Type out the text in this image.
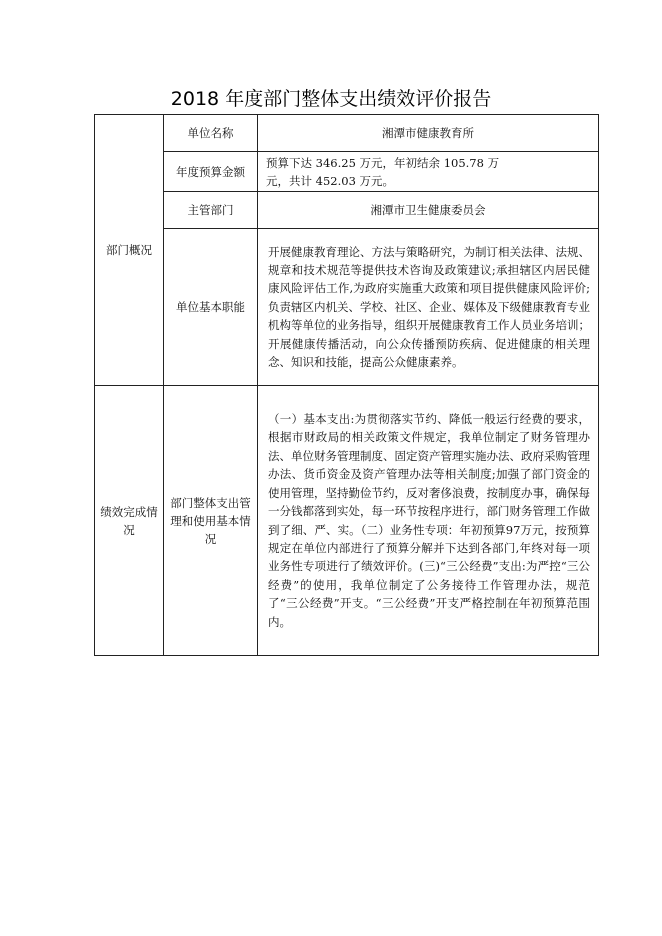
2018 年度部门整体支出绩效评价报告
部门概况	单位名称	湘潭市健康教育所

	年度预算金额	预算下达 346.25 万元，年初结余 105.78 万
元，共计 452.03 万元。

	主管部门	湘潭市卫生健康委员会

	单位基本职能	开展健康教育理论、方法与策略研究，为制订相关法律、法规、规章和技术规范等提供技术咨询及政策建议;承担辖区内居民健康风险评估工作,为政府实施重大政策和项目提供健康风险评价;负责辖区内机关、学校、社区、企业、媒体及下级健康教育专业机构等单位的业务指导，组织开展健康教育工作人员业务培训；开展健康传播活动，向公众传播预防疾病、促进健康的相关理念、知识和技能，提高公众健康素养。

绩效完成情况	部门整体支出管理和使用基本情况	（一）基本支出:为贯彻落实节约、降低一般运行经费的要求，根据市财政局的相关政策文件规定，我单位制定了财务管理办法、单位财务管理制度、固定资产管理实施办法、政府采购管理办法、货币资金及资产管理办法等相关制度;加强了部门资金的使用管理，坚持勤俭节约，反对奢侈浪费，按制度办事，确保每一分钱都落到实处，每一环节按程序进行，部门财务管理工作做到了细、严、实。（二）业务性专项：年初预算97万元，按预算规定在单位内部进行了预算分解并下达到各部门,年终对每一项业务性专项进行了绩效评价。(三)“三公经费”支出:为严控“三公经费”的使用，我单位制定了公务接待工作管理办法，规范了“三公经费”开支。“三公经费”开支严格控制在年初预算范围内。
